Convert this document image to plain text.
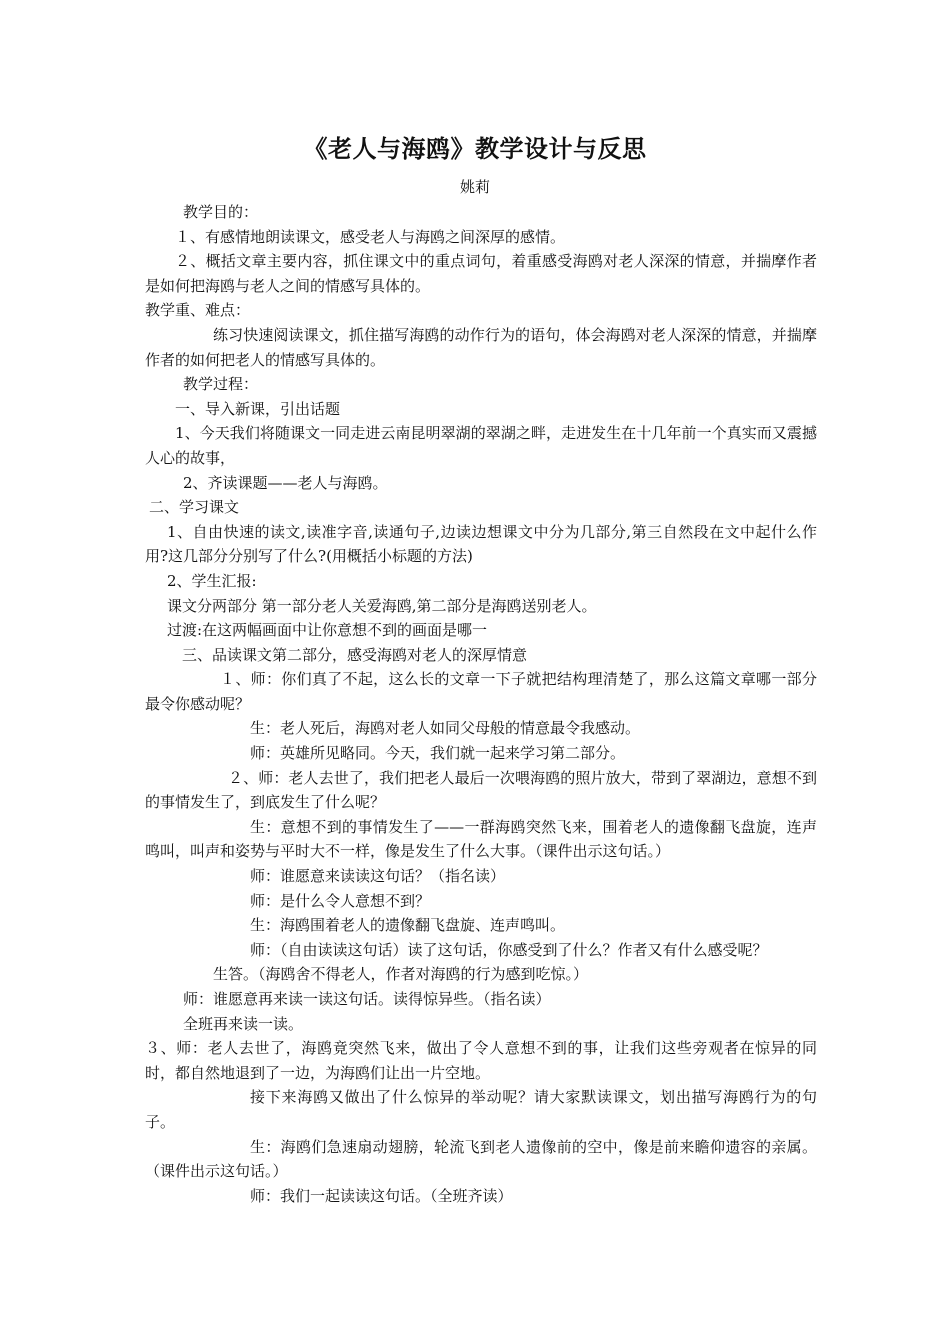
《老人与海鸥》教学设计与反思
姚莉

教学目的：

１、有感情地朗读课文，感受老人与海鸥之间深厚的感情。

２、概括文章主要内容，抓住课文中的重点词句，着重感受海鸥对老人深深的情意，并揣摩作者是如何把海鸥与老人之间的情感写具体的。

教学重、难点：

练习快速阅读课文，抓住描写海鸥的动作行为的语句，体会海鸥对老人深深的情意，并揣摩作者的如何把老人的情感写具体的。

教学过程：

一、导入新课，引出话题

1、今天我们将随课文一同走进云南昆明翠湖的翠湖之畔，走进发生在十几年前一个真实而又震撼人心的故事，

2、齐读课题——老人与海鸥。

二、学习课文

1、自由快速的读文,读准字音,读通句子,边读边想课文中分为几部分,第三自然段在文中起什么作用?这几部分分别写了什么?(用概括小标题的方法)

2、学生汇报:

课文分两部分 第一部分老人关爱海鸥,第二部分是海鸥送别老人。

过渡:在这两幅画面中让你意想不到的画面是哪一

三、品读课文第二部分，感受海鸥对老人的深厚情意

１、师：你们真了不起，这么长的文章一下子就把结构理清楚了，那么这篇文章哪一部分最令你感动呢？

生：老人死后，海鸥对老人如同父母般的情意最令我感动。

师：英雄所见略同。今天，我们就一起来学习第二部分。

２、师：老人去世了，我们把老人最后一次喂海鸥的照片放大，带到了翠湖边，意想不到的事情发生了，到底发生了什么呢？

生：意想不到的事情发生了——一群海鸥突然飞来，围着老人的遗像翻飞盘旋，连声鸣叫，叫声和姿势与平时大不一样，像是发生了什么大事。（课件出示这句话。）

师：谁愿意来读读这句话？（指名读）

师：是什么令人意想不到？

生：海鸥围着老人的遗像翻飞盘旋、连声鸣叫。

师：（自由读读这句话）读了这句话，你感受到了什么？作者又有什么感受呢？

生答。（海鸥舍不得老人，作者对海鸥的行为感到吃惊。）

师：谁愿意再来读一读这句话。读得惊异些。（指名读）

全班再来读一读。

３、师：老人去世了，海鸥竟突然飞来，做出了令人意想不到的事，让我们这些旁观者在惊异的同时，都自然地退到了一边，为海鸥们让出一片空地。

接下来海鸥又做出了什么惊异的举动呢？请大家默读课文，划出描写海鸥行为的句子。

生：海鸥们急速扇动翅膀，轮流飞到老人遗像前的空中，像是前来瞻仰遗容的亲属。（课件出示这句话。）

师：我们一起读读这句话。（全班齐读）
